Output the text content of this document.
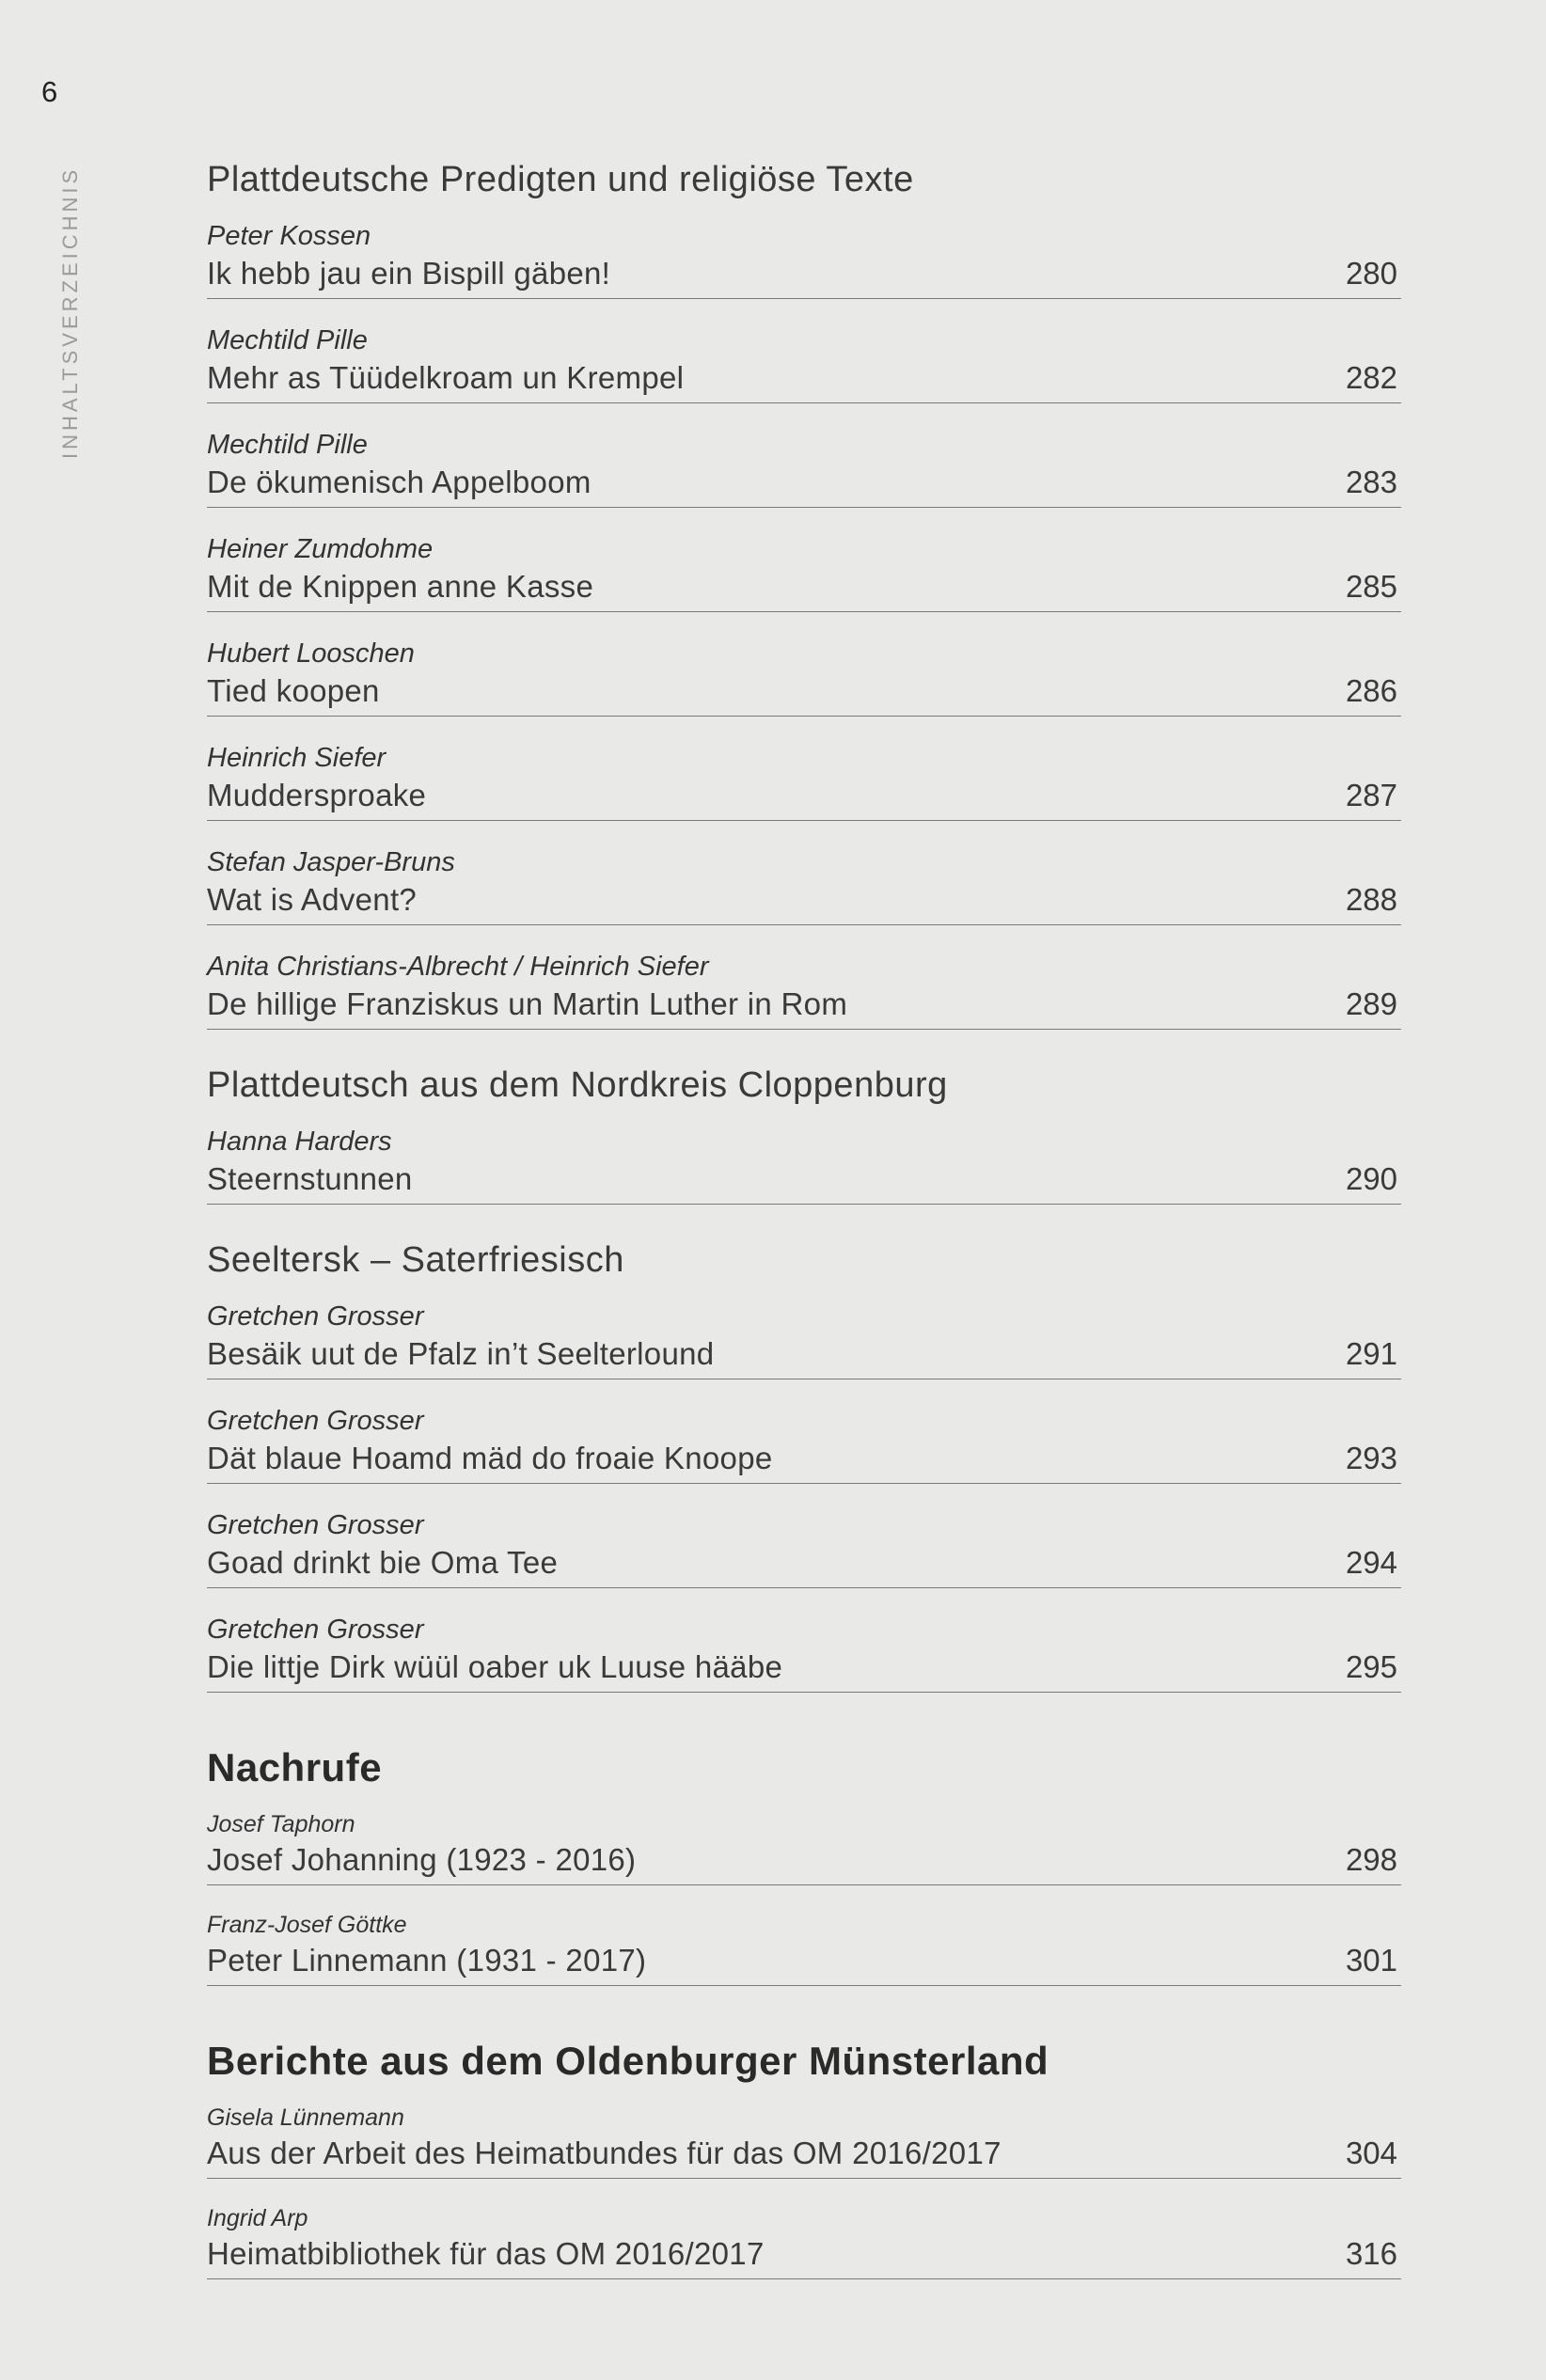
6
INHALTSVERZEICHNIS	Plattdeutsche Predigten und religiöse Texte
Peter Kossen
Ik hebb jau ein Bispill gäben!	280
Mechtild Pille
Mehr as Tüüdelkroam un Krempel	282
Mechtild Pille
De ökumenisch Appelboom	283
Heiner Zumdohme
Mit de Knippen anne Kasse	285
Hubert Looschen
Tied koopen	286
Heinrich Siefer
Muddersproake	287
Stefan Jasper-Bruns
Wat is Advent?	288
Anita Christians-Albrecht / Heinrich Siefer
De hillige Franziskus un Martin Luther in Rom	289
Plattdeutsch aus dem Nordkreis Cloppenburg
Hanna Harders
Steernstunnen	290
Seeltersk – Saterfriesisch
Gretchen Grosser
Besäik uut de Pfalz in’t Seelterlound	291
Gretchen Grosser
Dät blaue Hoamd mäd do froaie Knoope	293
Gretchen Grosser
Goad drinkt bie Oma Tee	294
Gretchen Grosser
Die littje Dirk wüül oaber uk Luuse hääbe	295
Nachrufe
Josef Taphorn
Josef Johanning (1923 - 2016)	298
Franz-Josef Göttke
Peter Linnemann (1931 - 2017)	301
Berichte aus dem Oldenburger Münsterland
Gisela Lünnemann
Aus der Arbeit des Heimatbundes für das OM 2016/2017	304
Ingrid Arp
Heimatbibliothek für das OM 2016/2017	316
